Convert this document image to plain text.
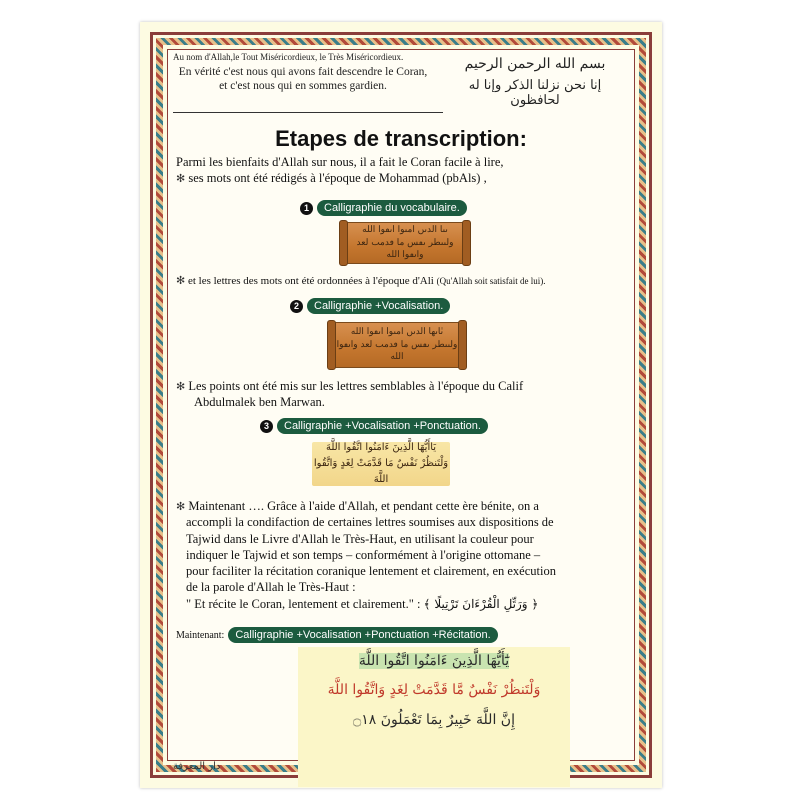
Au nom d'Allah,le Tout Miséricordieux, le Très Miséricordieux.
En vérité c'est nous qui avons fait descendre le Coran,
et c'est nous qui en sommes gardien.
بسم الله الرحمن الرحيم
إنا نحن نزلنا الذكر وإنا له لحافظون
Etapes de transcription:
Parmi les bienfaits d'Allah sur nous, il a fait le Coran facile à lire,
✻ ses mots ont été rédigés à l'époque de Mohammad (pbAls) ,
1	Calligraphie du vocabulaire.
ىٮا الدٮں امٮوا اٮڡوا الله
ولٮٮطر ٮڡس ما ڡدمٮ لعد واٮڡوا الله
✻ et les lettres des mots ont été ordonnées à l'époque d'Ali (Qu'Allah soit satisfait de lui).
2	Calligraphie +Vocalisation.
ىٰاٮها الدٮں امٮوا اٮڡوا الله
ولٮٮطر ٮڡس ما ڡدمٮ لعد واٮڡوا الله
✻ Les points ont été mis sur les lettres semblables à l'époque du Calif
Abdulmalek ben Marwan.
3	Calligraphie +Vocalisation +Ponctuation.
يَاأَيُّهَا الَّذِينَ ءَامَنُوا اتَّقُوا اللَّهَ
وَلْتَنظُرْ نَفْسٌ مَا قَدَّمَتْ لِغَدٍ وَاتَّقُوا اللَّهَ
✻ Maintenant …. Grâce à l'aide d'Allah, et pendant cette ère bénite, on a
accompli la condifaction de certaines lettres soumises aux dispositions de
Tajwid dans le Livre d'Allah le Très-Haut, en utilisant la couleur pour
indiquer le Tajwid et son temps – conformément à l'origine ottomane –
pour faciliter la récitation coranique lentement et clairement, en exécution
de la parole d'Allah le Très-Haut :
" Et récite le Coran, lentement et clairement." : ﴿ وَرَتِّلِ الْقُرْءَانَ تَرْتِيلًا ﴾
Maintenant:	Calligraphie +Vocalisation +Ponctuation +Récitation.
يَٰٓأَيُّهَا الَّذِينَ ءَامَنُوا اتَّقُوا اللَّهَ
وَلْتَنظُرْ نَفْسٌ مَّا قَدَّمَتْ لِغَدٍ وَاتَّقُوا اللَّهَ
إِنَّ اللَّهَ خَبِيرٌ بِمَا تَعْمَلُونَ ۝١٨
دار المعرفة
